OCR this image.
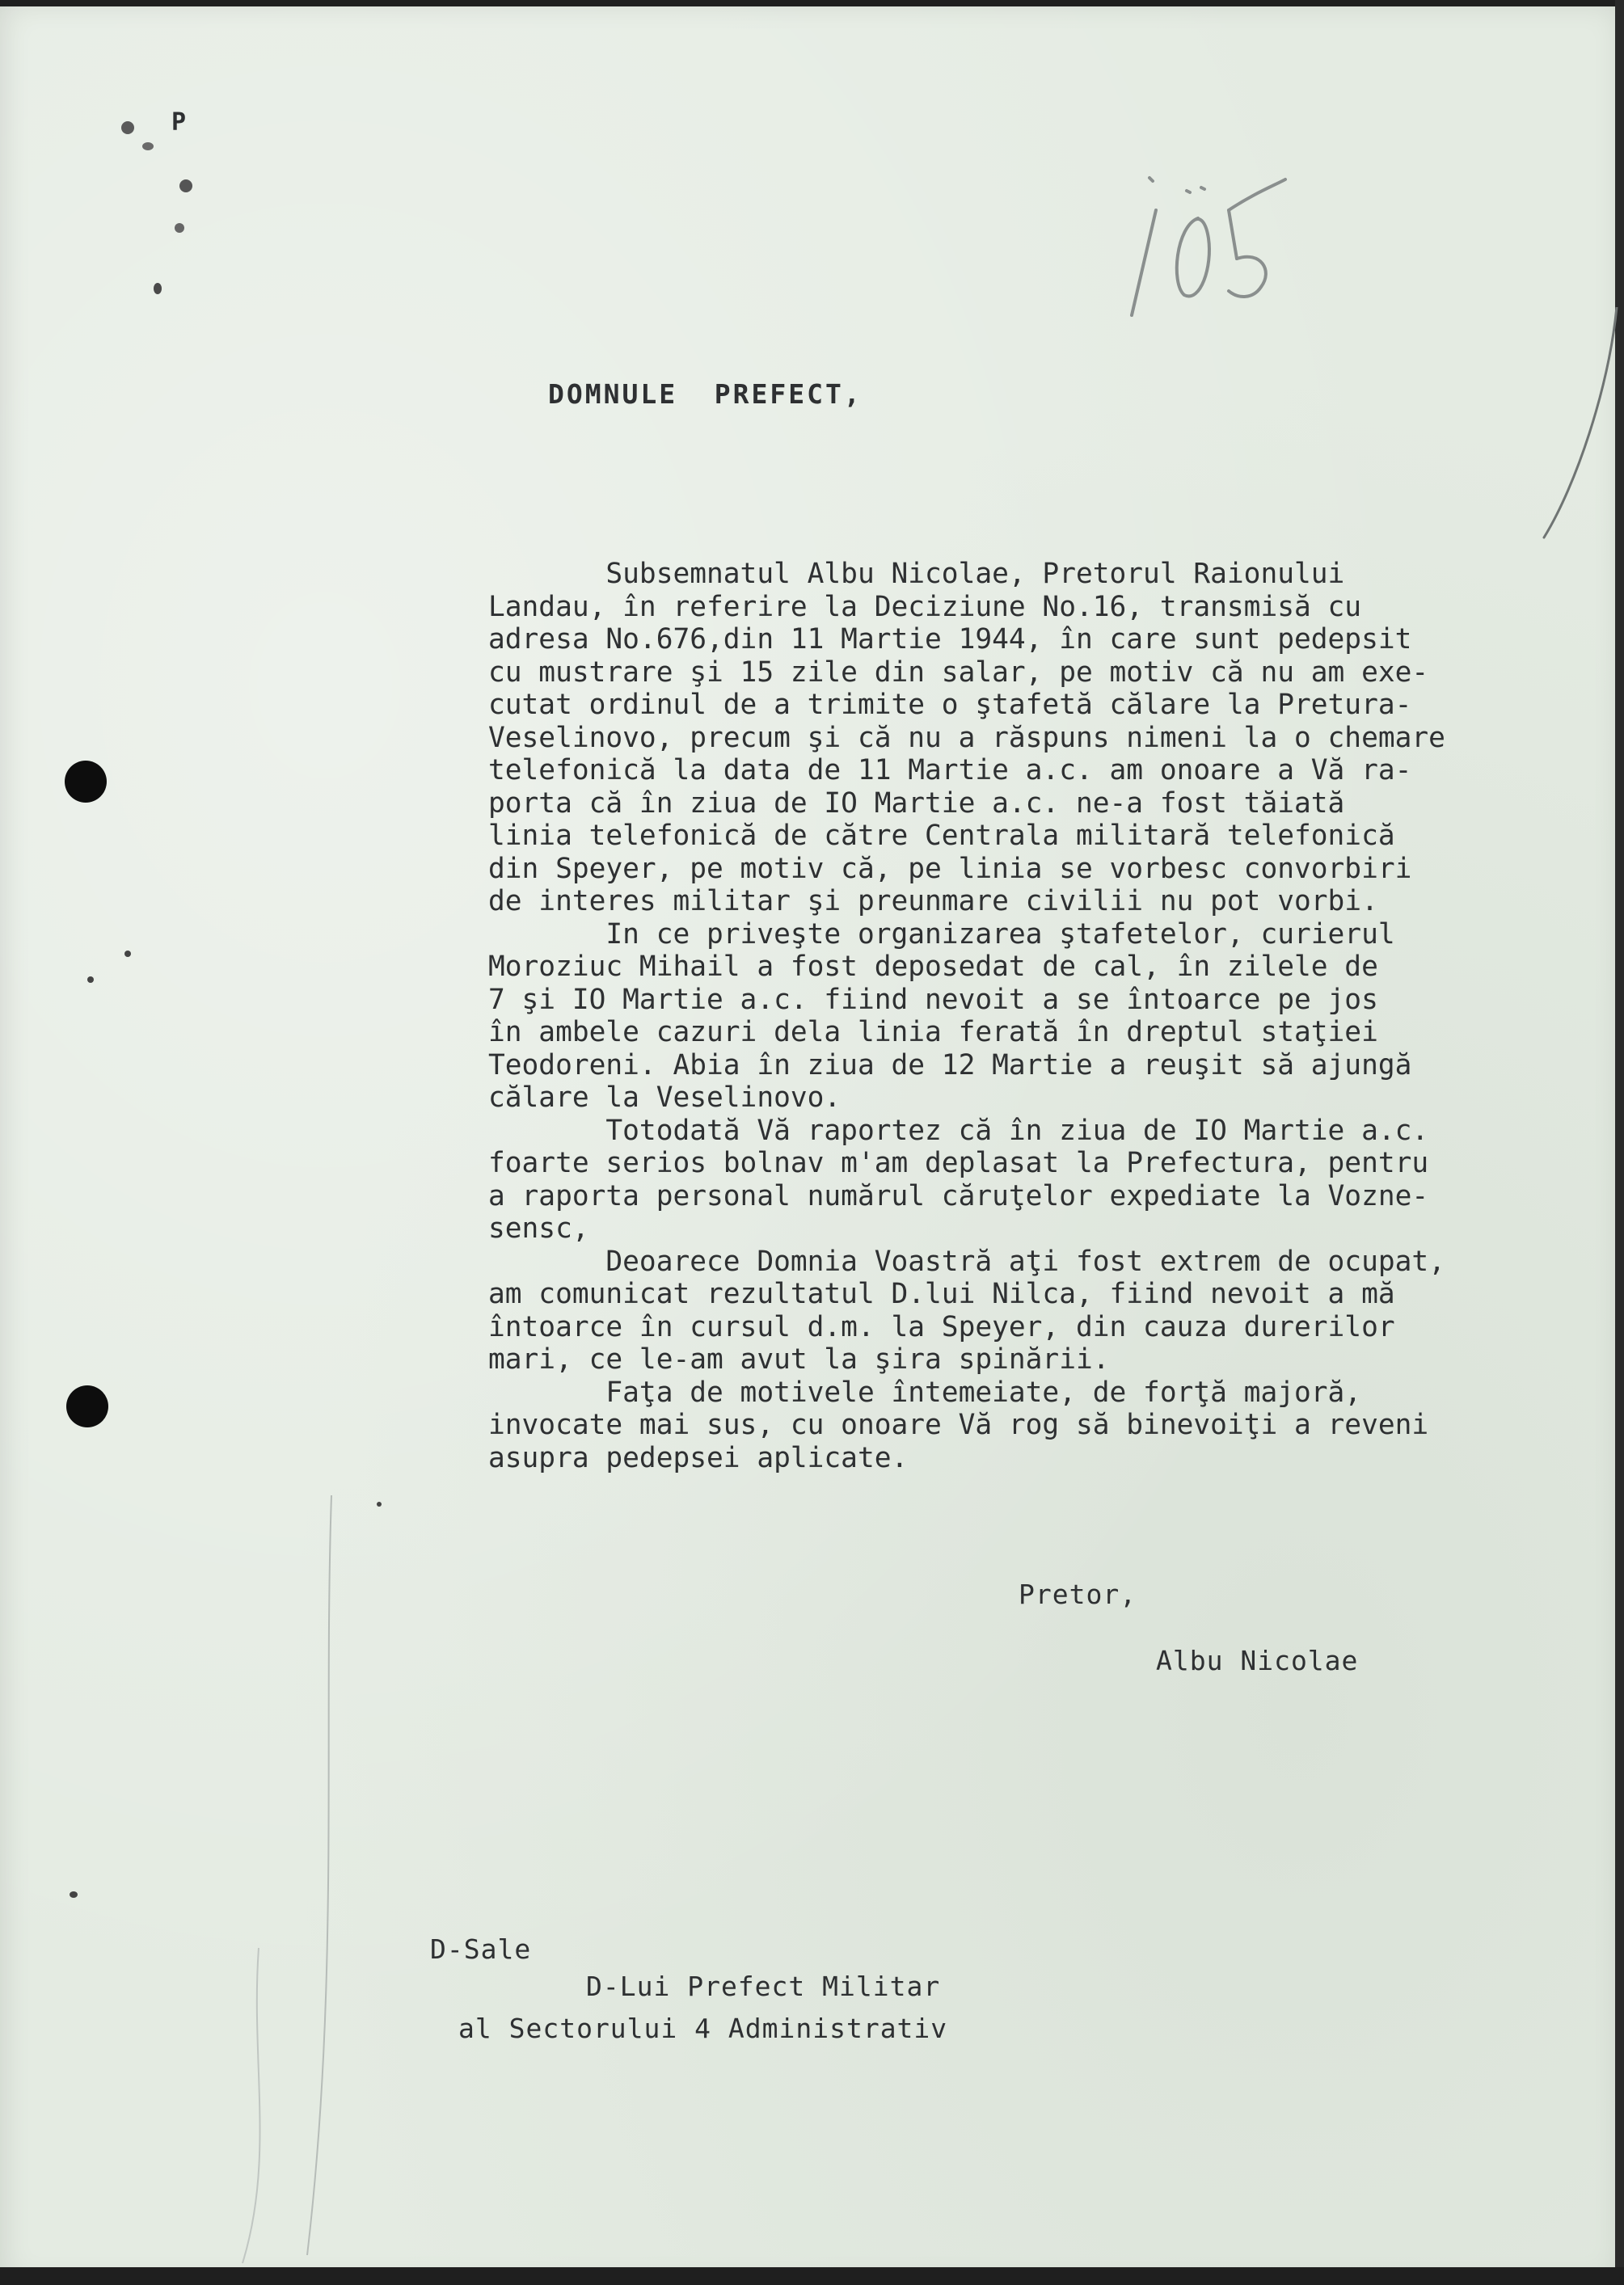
P
DOMNULE  PREFECT,
Subsemnatul Albu Nicolae, Pretorul Raionului
Landau, în referire la Deciziune No.16, transmisă cu
adresa No.676,din 11 Martie 1944, în care sunt pedepsit
cu mustrare şi 15 zile din salar, pe motiv că nu am exe-
cutat ordinul de a trimite o ştafetă călare la Pretura-
Veselinovo, precum şi că nu a răspuns nimeni la o chemare
telefonică la data de 11 Martie a.c. am onoare a Vă ra-
porta că în ziua de IO Martie a.c. ne-a fost tăiată
linia telefonică de către Centrala militară telefonică
din Speyer, pe motiv că, pe linia se vorbesc convorbiri
de interes militar şi preunmare civilii nu pot vorbi.
In ce priveşte organizarea ştafetelor, curierul
Moroziuc Mihail a fost deposedat de cal, în zilele de
7 şi IO Martie a.c. fiind nevoit a se întoarce pe jos
în ambele cazuri dela linia ferată în dreptul staţiei
Teodoreni. Abia în ziua de 12 Martie a reuşit să ajungă
călare la Veselinovo.
Totodată Vă raportez că în ziua de IO Martie a.c.
foarte serios bolnav m'am deplasat la Prefectura, pentru
a raporta personal numărul căruţelor expediate la Vozne-
sensc,
Deoarece Domnia Voastră aţi fost extrem de ocupat,
am comunicat rezultatul D.lui Nilca, fiind nevoit a mă
întoarce în cursul d.m. la Speyer, din cauza durerilor
mari, ce le-am avut la şira spinării.
Faţa de motivele întemeiate, de forţă majoră,
invocate mai sus, cu onoare Vă rog să binevoiţi a reveni
asupra pedepsei aplicate.
Pretor,
Albu Nicolae
D-Sale
D-Lui Prefect Militar
al Sectorului 4 Administrativ
